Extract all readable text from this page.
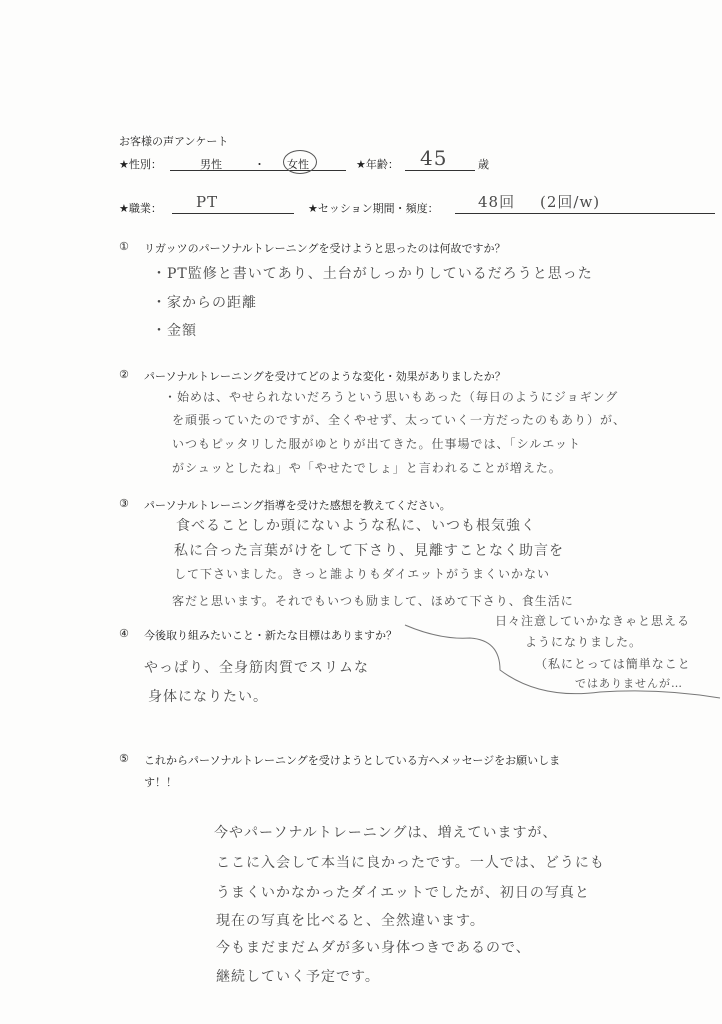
お客様の声アンケート
★性別：	男性	・ 女性	★年齢： 45	歳
★職業： PT	★セッション期間・頻度：	48回 (2回/w)
① リガッツのパーソナルトレーニングを受けようと思ったのは何故ですか？
・PT監修と書いてあり、土台がしっかりしているだろうと思った
・家からの距離
・金額
② パーソナルトレーニングを受けてどのような変化・効果がありましたか？
・始めは、やせられないだろうという思いもあった（毎日のようにジョギング
を頑張っていたのですが、全くやせず、太っていく一方だったのもあり）が、
いつもピッタリした服がゆとりが出てきた。仕事場では、「シルエット
がシュッとしたね」や「やせたでしょ」と言われることが増えた。
③ パーソナルトレーニング指導を受けた感想を教えてください。
食べることしか頭にないような私に、いつも根気強く
私に合った言葉がけをして下さり、見離すことなく助言を
して下さいました。きっと誰よりもダイエットがうまくいかない
客だと思います。それでもいつも励まして、ほめて下さり、食生活に
日々注意していかなきゃと思える
ようになりました。
（私にとっては簡単なこと
ではありませんが…
④ 今後取り組みたいこと・新たな目標はありますか？
やっぱり、全身筋肉質でスリムな
身体になりたい。
⑤ これからパーソナルトレーニングを受けようとしている方へメッセージをお願いしま
す！！
今やパーソナルトレーニングは、増えていますが、
ここに入会して本当に良かったです。一人では、どうにも
うまくいかなかったダイエットでしたが、初日の写真と
現在の写真を比べると、全然違います。
今もまだまだムダが多い身体つきであるので、
継続していく予定です。
